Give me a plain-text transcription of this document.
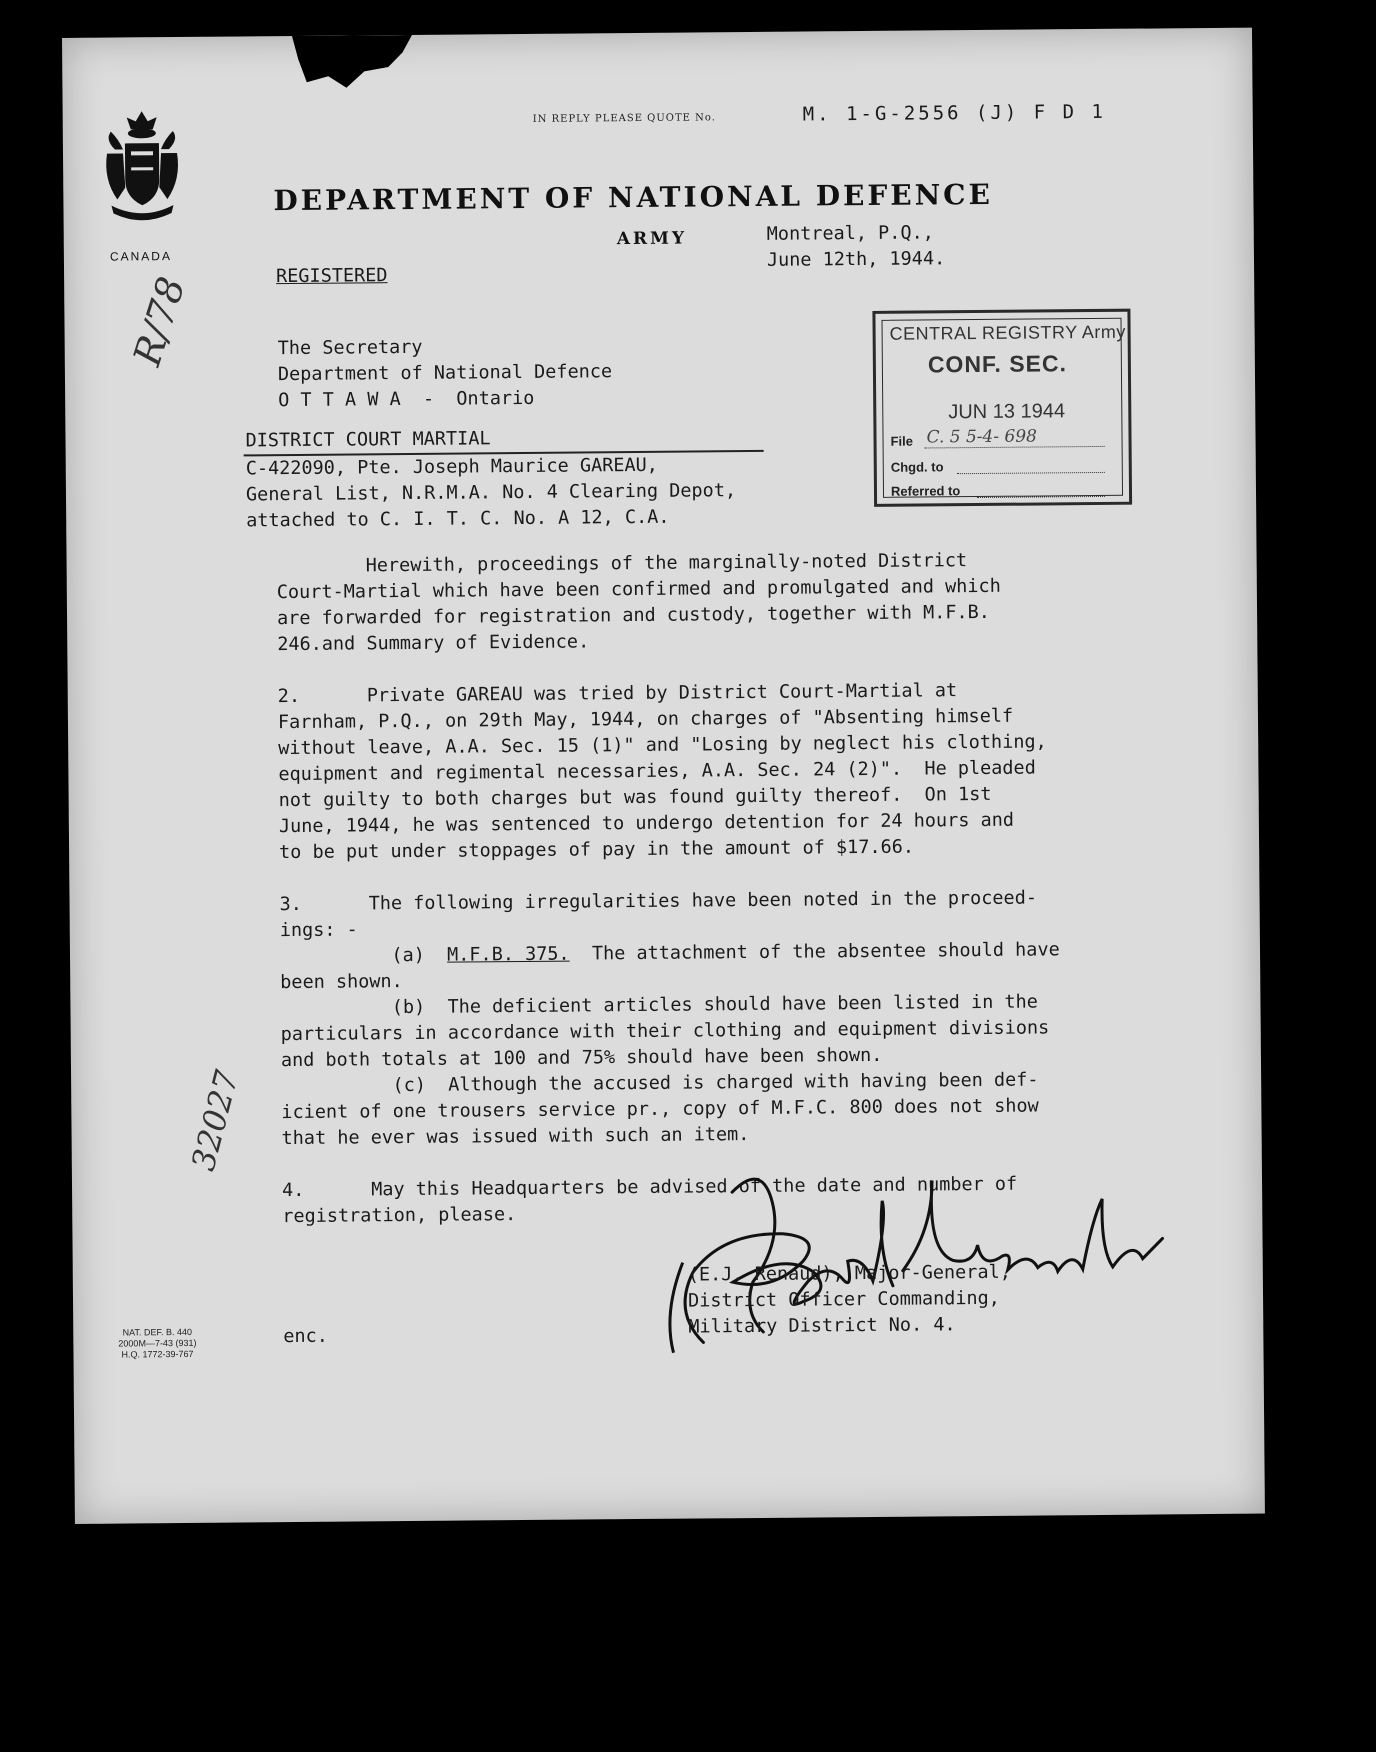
CANADA
IN REPLY PLEASE QUOTE No.	M. 1-G-2556 (J) F D 1
DEPARTMENT OF NATIONAL DEFENCE
ARMY	Montreal, P.Q.,
June 12th, 1944.
REGISTERED
R/78	The Secretary
Department of National Defence
O T T A W A  -  Ontario
CENTRAL REGISTRY Army
CONF. SEC.
JUN 13 1944
File C. 5 5-4- 698
Chgd. to
Referred to
DISTRICT COURT MARTIAL
C-422090, Pte. Joseph Maurice GAREAU,
General List, N.R.M.A. No. 4 Clearing Depot,
attached to C. I. T. C. No. A 12, C.A.
Herewith, proceedings of the marginally-noted District
Court-Martial which have been confirmed and promulgated and which
are forwarded for registration and custody, together with M.F.B.
246.and Summary of Evidence.
2.      Private GAREAU was tried by District Court-Martial at
Farnham, P.Q., on 29th May, 1944, on charges of "Absenting himself
without leave, A.A. Sec. 15 (1)" and "Losing by neglect his clothing,
equipment and regimental necessaries, A.A. Sec. 24 (2)".  He pleaded
not guilty to both charges but was found guilty thereof.  On 1st
June, 1944, he was sentenced to undergo detention for 24 hours and
to be put under stoppages of pay in the amount of $17.66.
3.      The following irregularities have been noted in the proceed-
ings: -
(a)  M.F.B. 375.  The attachment of the absentee should have
been shown.
(b)  The deficient articles should have been listed in the
particulars in accordance with their clothing and equipment divisions
and both totals at 100 and 75% should have been shown.
(c)  Although the accused is charged with having been def-
icient of one trousers service pr., copy of M.F.C. 800 does not show
that he ever was issued with such an item.
4.      May this Headquarters be advised of the date and number of
registration, please.
32027
(E.J. Renaud), Major-General,
District Officer Commanding,
Military District No. 4.
enc.
NAT. DEF. B. 440
2000M—7-43 (931)
H.Q. 1772-39-767
